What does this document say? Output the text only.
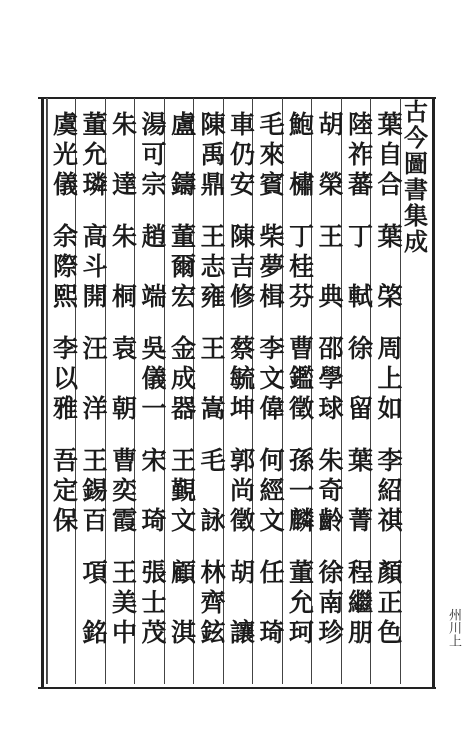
古
今
圖
書
集
成
葉
自
合
葉
棨
周
上
如
李
紹
祺
顏
正
色
陸
祚
蕃
丁
軾
徐
留
葉
菁
程
繼
朋
胡
榮
王
典
邵
學
球
朱
奇
齡
徐
南
珍
鮑
橚
丁
桂
芬
曹
鑑
徵
孫
一
麟
董
允
珂
毛
來
賓
柴
夢
楫
李
文
偉
何
經
文
任
琦
車
仍
安
陳
吉
修
蔡
毓
坤
郭
尚
徵
胡
讓
陳
禹
鼎
王
志
雍
王
嵩
毛
詠
林
齊
鉉
盧
鑄
董
爾
宏
金
成
器
王
覲
文
顧
淇
湯
可
宗
趙
端
吳
儀
一
宋
琦
張
士
茂
朱
達
朱
桐
袁
朝
曹
奕
霞
王
美
中
董
允
璘
高
斗
開
汪
洋
王
錫
百
項
銘
虞
光
儀
余
際
熙
李
以
雅
吾
定
保
州川上
